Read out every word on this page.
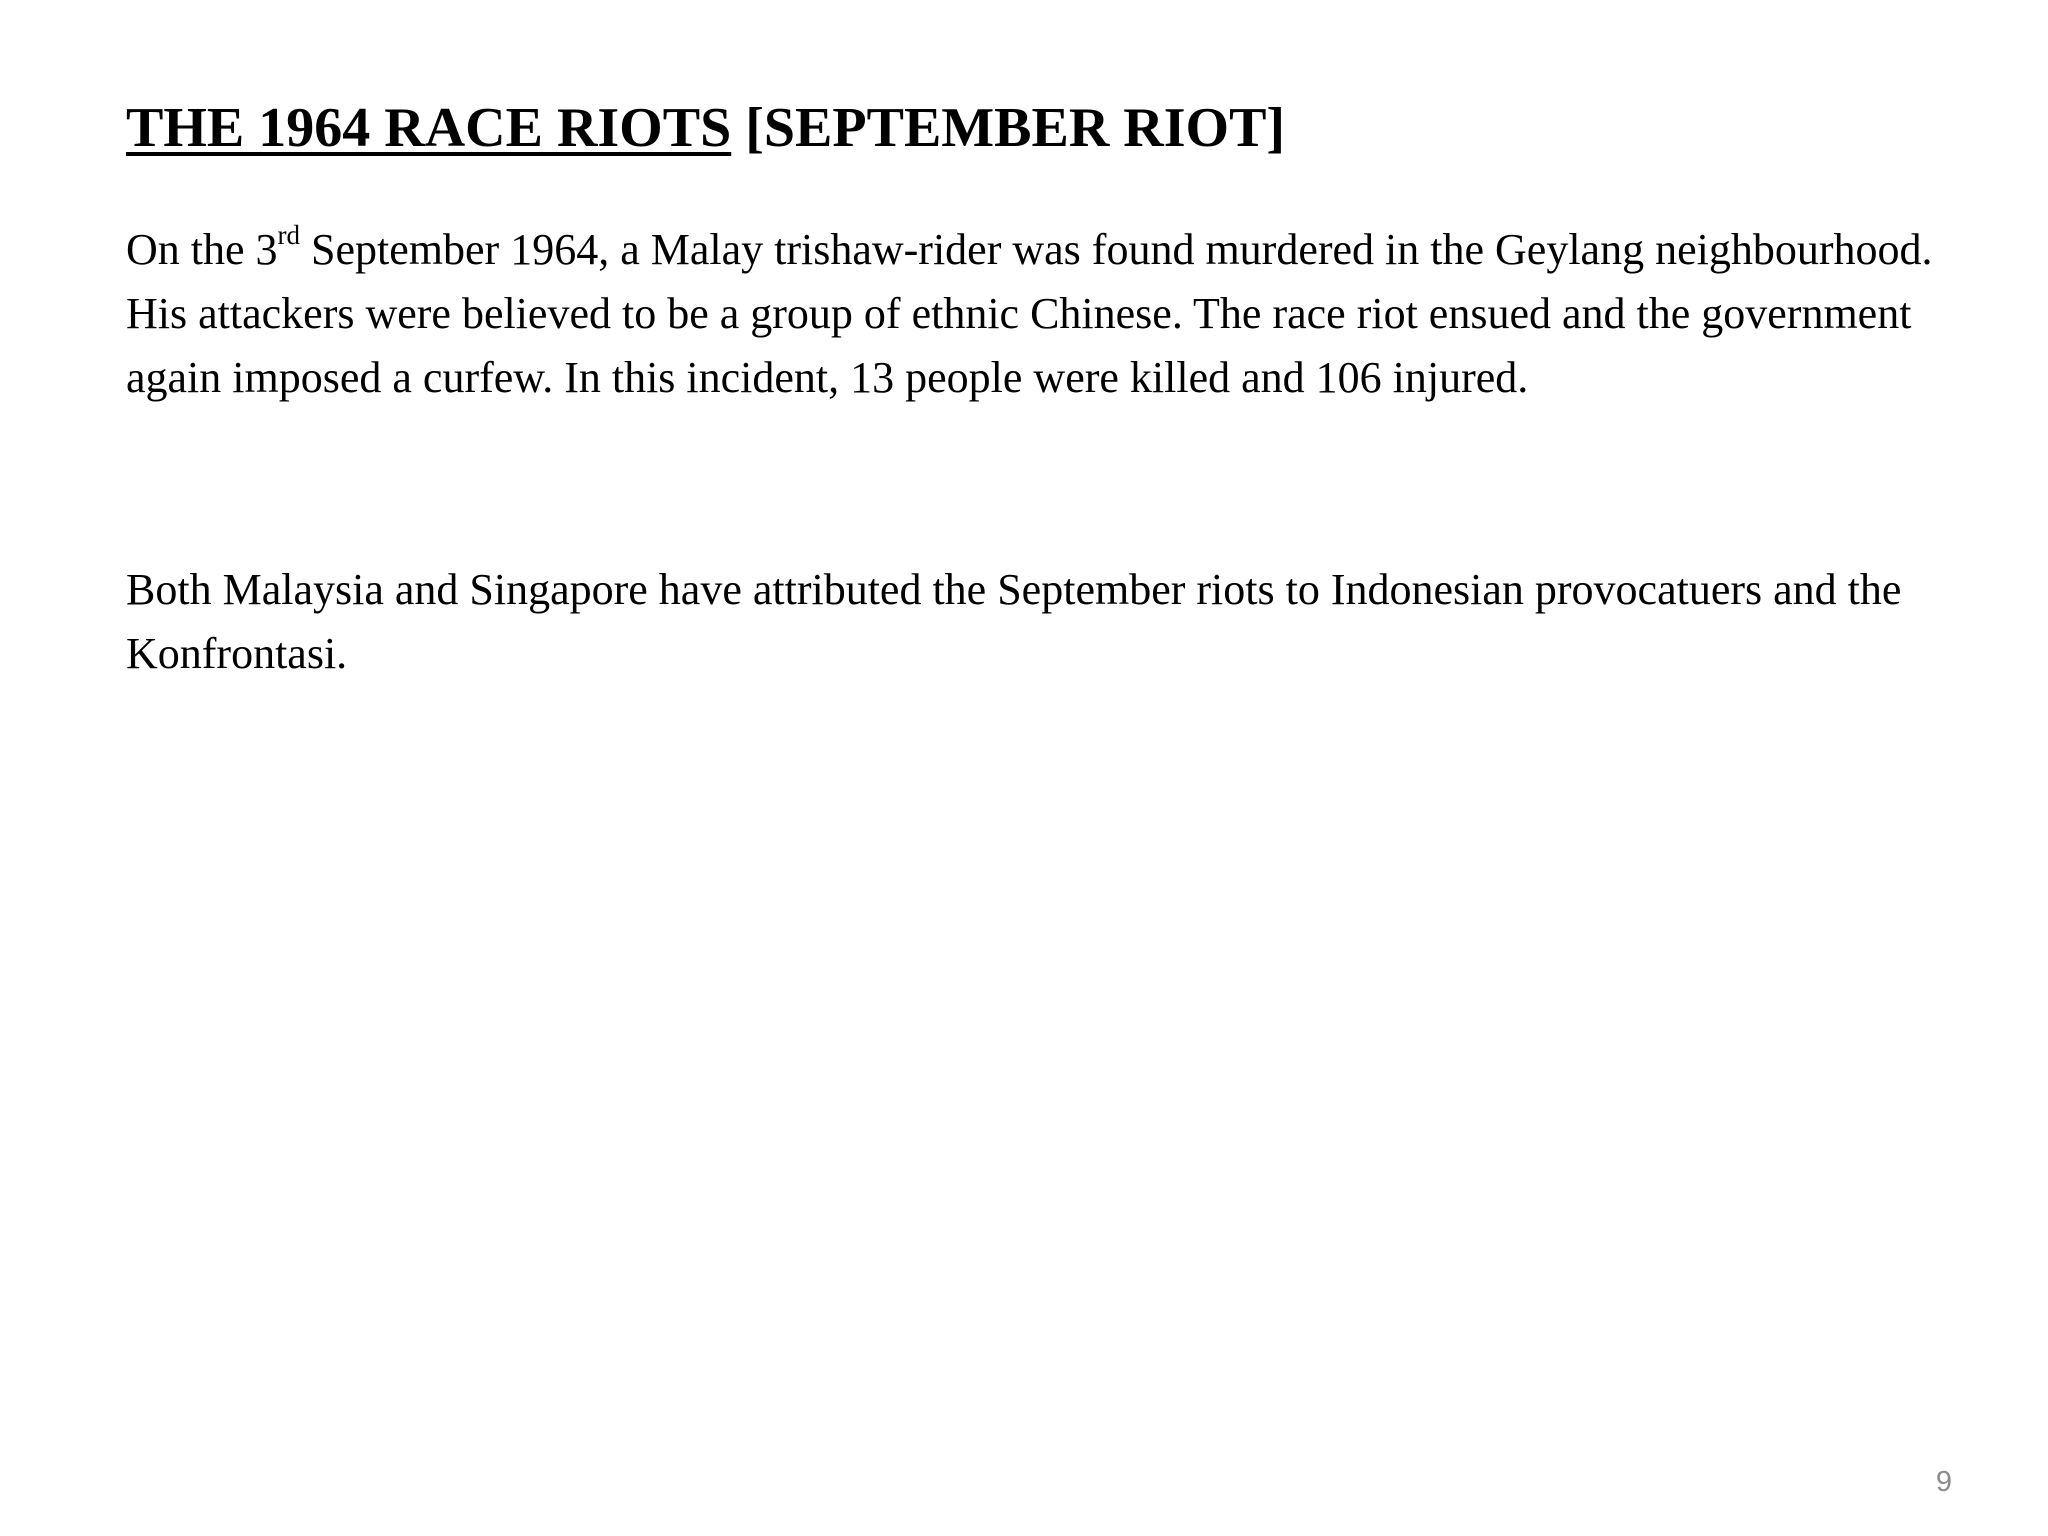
THE 1964 RACE RIOTS [SEPTEMBER RIOT]

On the 3rd September 1964, a Malay trishaw-rider was found murdered in the Geylang neighbourhood. His attackers were believed to be a group of ethnic Chinese. The race riot ensued and the government again imposed a curfew. In this incident, 13 people were killed and 106 injured.

Both Malaysia and Singapore have attributed the September riots to Indonesian provocatuers and the Konfrontasi.

9
